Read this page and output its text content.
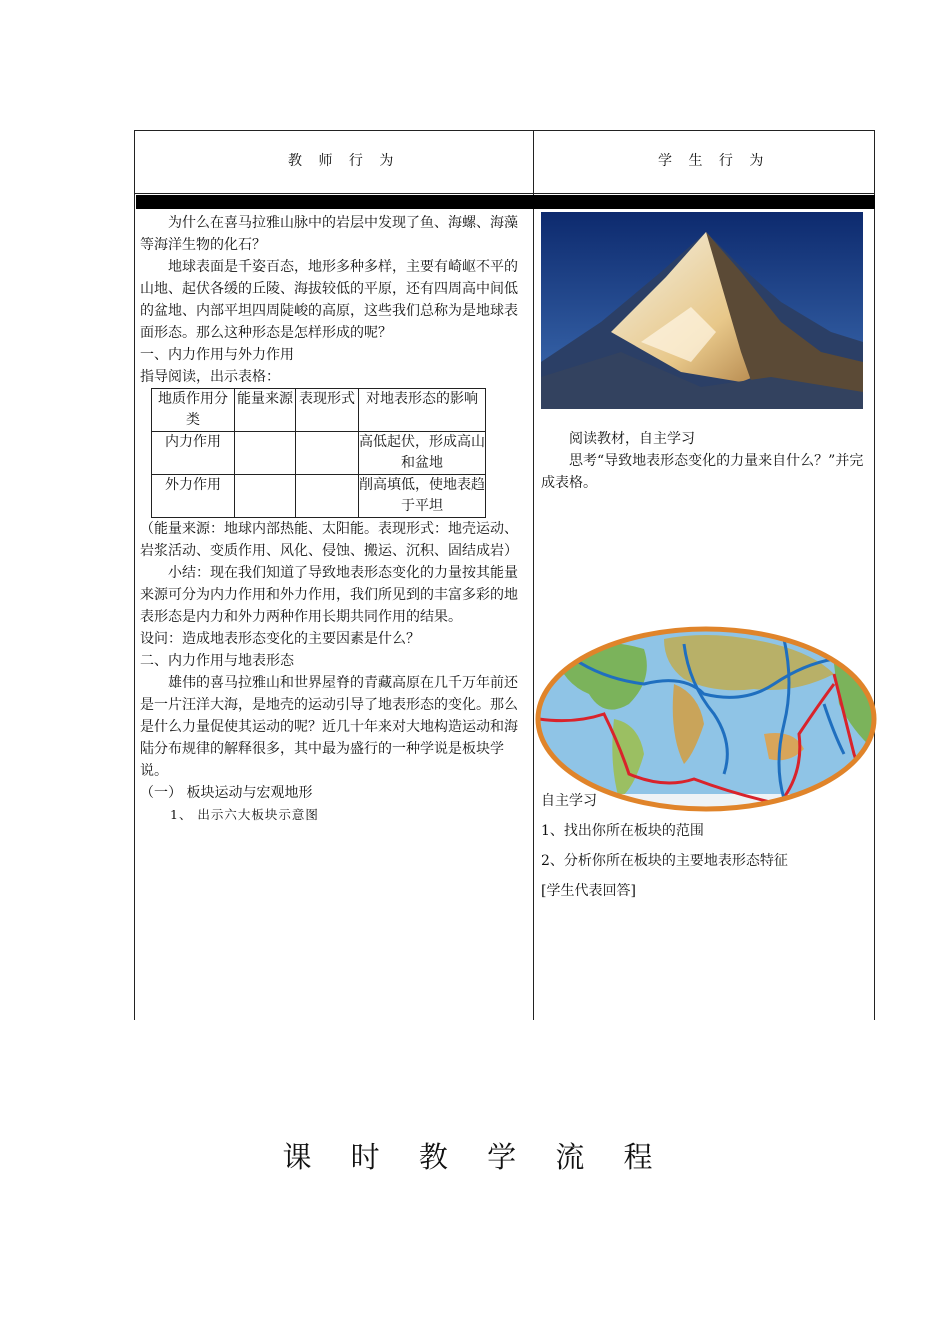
教 师 行 为	学 生 行 为

为什么在喜马拉雅山脉中的岩层中发现了鱼、海螺、海藻等海洋生物的化石？

地球表面是千姿百态，地形多种多样，主要有崎岖不平的山地、起伏各缓的丘陵、海拔较低的平原，还有四周高中间低的盆地、内部平坦四周陡峻的高原，这些我们总称为是地球表面形态。那么这种形态是怎样形成的呢？

一、内力作用与外力作用

指导阅读，出示表格：

地质作用分类	能量来源	表现形式	对地表形态的影响
内力作用			高低起伏，形成高山和盆地
外力作用			削高填低，使地表趋于平坦

（能量来源：地球内部热能、太阳能。表现形式：地壳运动、岩浆活动、变质作用、风化、侵蚀、搬运、沉积、固结成岩）

小结：现在我们知道了导致地表形态变化的力量按其能量来源可分为内力作用和外力作用，我们所见到的丰富多彩的地表形态是内力和外力两种作用长期共同作用的结果。

设问：造成地表形态变化的主要因素是什么？

二、内力作用与地表形态

雄伟的喜马拉雅山和世界屋脊的青藏高原在几千万年前还是一片汪洋大海，是地壳的运动引导了地表形态的变化。那么是什么力量促使其运动的呢？近几十年来对大地构造运动和海陆分布规律的解释很多，其中最为盛行的一种学说是板块学说。

（一） 板块运动与宏观地形

1、 出示六大板块示意图

阅读教材，自主学习

思考“导致地表形态变化的力量来自什么？”并完成表格。

自主学习

1、找出你所在板块的范围

2、分析你所在板块的主要地表形态特征

[学生代表回答]

课 时 教 学 流 程
